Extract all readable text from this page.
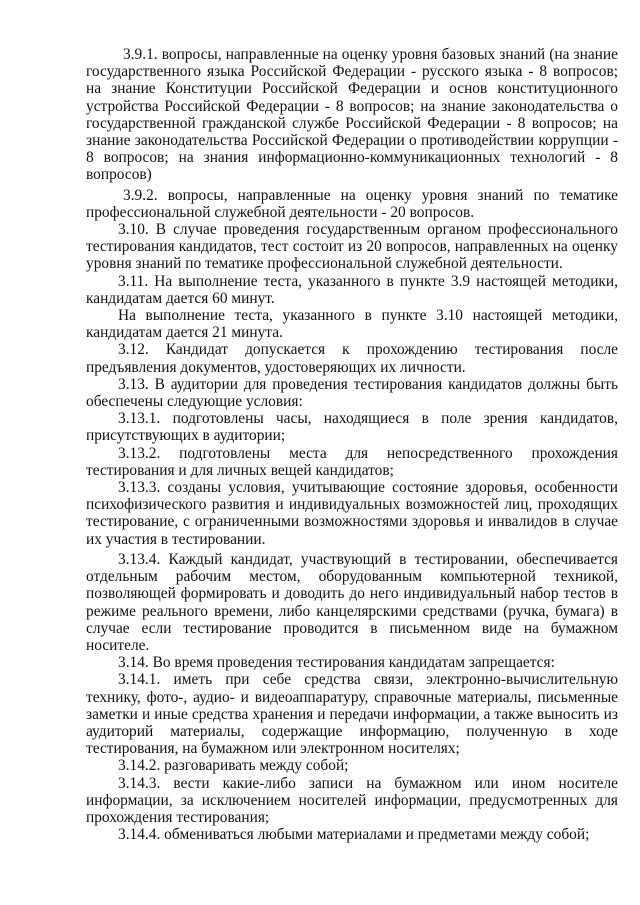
3.9.1. вопросы, направленные на оценку уровня базовых знаний (на знание государственного языка Российской Федерации - русского языка - 8 вопросов; на знание Конституции Российской Федерации и основ конституционного устройства Российской Федерации - 8 вопросов; на знание законодательства о государственной гражданской службе Российской Федерации - 8 вопросов; на знание законодательства Российской Федерации о противодействии коррупции - 8 вопросов; на знания информационно-коммуникационных технологий - 8 вопросов)

3.9.2. вопросы, направленные на оценку уровня знаний по тематике профессиональной служебной деятельности - 20 вопросов.

3.10. В случае проведения государственным органом профессионального тестирования кандидатов, тест состоит из 20 вопросов, направленных на оценку уровня знаний по тематике профессиональной служебной деятельности.

3.11. На выполнение теста, указанного в пункте 3.9 настоящей методики, кандидатам дается 60 минут.

На выполнение теста, указанного в пункте 3.10 настоящей методики, кандидатам дается 21 минута.

3.12. Кандидат допускается к прохождению тестирования после предъявления документов, удостоверяющих их личности.

3.13. В аудитории для проведения тестирования кандидатов должны быть обеспечены следующие условия:

3.13.1. подготовлены часы, находящиеся в поле зрения кандидатов, присутствующих в аудитории;

3.13.2. подготовлены места для непосредственного прохождения тестирования и для личных вещей кандидатов;

3.13.3. созданы условия, учитывающие состояние здоровья, особенности психофизического развития и индивидуальных возможностей лиц, проходящих тестирование, с ограниченными возможностями здоровья и инвалидов в случае их участия в тестировании.

3.13.4. Каждый кандидат, участвующий в тестировании, обеспечивается отдельным рабочим местом, оборудованным компьютерной техникой, позволяющей формировать и доводить до него индивидуальный набор тестов в режиме реального времени, либо канцелярскими средствами (ручка, бумага) в случае если тестирование проводится в письменном виде на бумажном носителе.

3.14. Во время проведения тестирования кандидатам запрещается:

3.14.1. иметь при себе средства связи, электронно-вычислительную технику, фото-, аудио- и видеоаппаратуру, справочные материалы, письменные заметки и иные средства хранения и передачи информации, а также выносить из аудиторий материалы, содержащие информацию, полученную в ходе тестирования, на бумажном или электронном носителях;

3.14.2. разговаривать между собой;

3.14.3. вести какие-либо записи на бумажном или ином носителе информации, за исключением носителей информации, предусмотренных для прохождения тестирования;

3.14.4. обмениваться любыми материалами и предметами между собой;
